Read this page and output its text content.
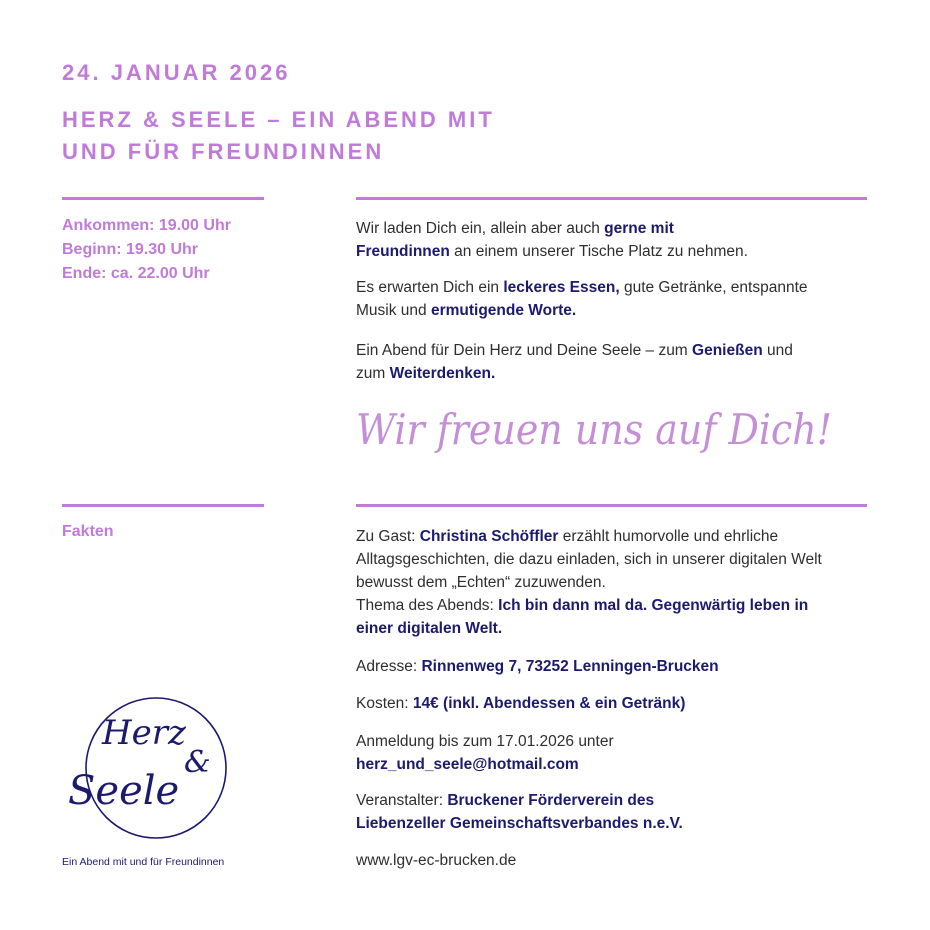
24. JANUAR 2026
HERZ & SEELE – EIN ABEND MIT
UND FÜR FREUNDINNEN
Ankommen: 19.00 Uhr
Beginn: 19.30 Uhr
Ende: ca. 22.00 Uhr
Wir laden Dich ein, allein aber auch gerne mit
Freundinnen an einem unserer Tische Platz zu nehmen.
Es erwarten Dich ein leckeres Essen, gute Getränke, entspannte
Musik und ermutigende Worte.
Ein Abend für Dein Herz und Deine Seele – zum Genießen und
zum Weiterdenken.
Wir freuen uns auf Dich!
Fakten	Zu Gast: Christina Schöffler erzählt humorvolle und ehrliche
Alltagsgeschichten, die dazu einladen, sich in unserer digitalen Welt
bewusst dem „Echten“ zuzuwenden.
Thema des Abends: Ich bin dann mal da. Gegenwärtig leben in
einer digitalen Welt.
Adresse: Rinnenweg 7, 73252 Lenningen-Brucken
Kosten: 14€ (inkl. Abendessen & ein Getränk)
Anmeldung bis zum 17.01.2026 unter
herz_und_seele@hotmail.com
Veranstalter: Bruckener Förderverein des
Liebenzeller Gemeinschaftsverbandes n.e.V.
www.lgv-ec-brucken.de
Herz
Seele
&
Ein Abend mit und für Freundinnen
